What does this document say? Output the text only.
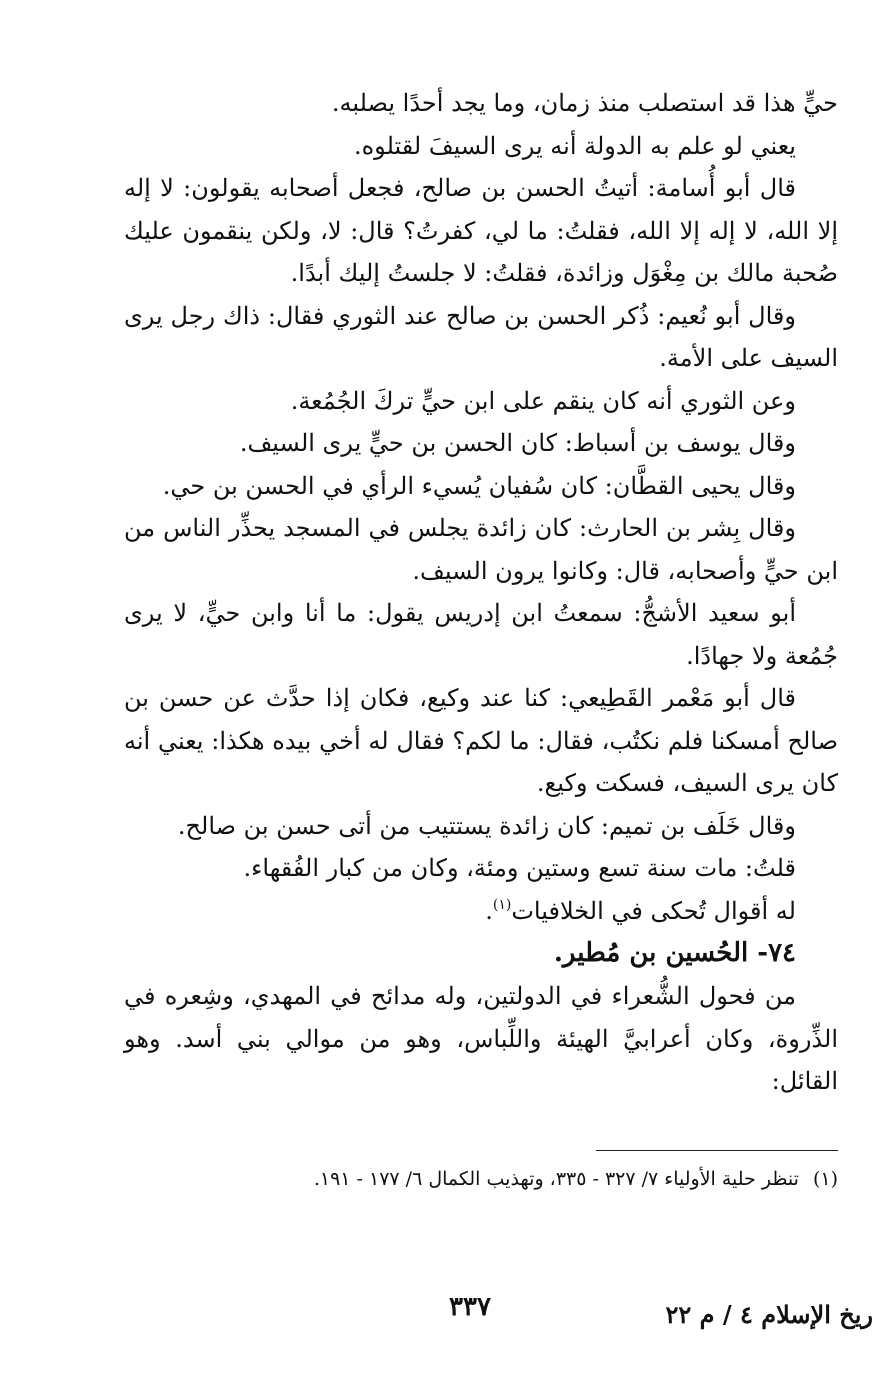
حيٍّ هذا قد استصلب منذ زمان، وما يجد أحدًا يصلبه.

يعني لو علم به الدولة أنه يرى السيفَ لقتلوه.

قال أبو أُسامة: أتيتُ الحسن بن صالح، فجعل أصحابه يقولون: لا إله إلا الله، لا إله إلا الله، فقلتُ: ما لي، كفرتُ؟ قال: لا، ولكن ينقمون عليك صُحبة مالك بن مِغْوَل وزائدة، فقلتُ: لا جلستُ إليك أبدًا.

وقال أبو نُعيم: ذُكر الحسن بن صالح عند الثوري فقال: ذاك رجل يرى السيف على الأمة.

وعن الثوري أنه كان ينقم على ابن حيٍّ تركَ الجُمُعة.

وقال يوسف بن أسباط: كان الحسن بن حيٍّ يرى السيف.

وقال يحيى القطَّان: كان سُفيان يُسيء الرأي في الحسن بن حي.

وقال بِشر بن الحارث: كان زائدة يجلس في المسجد يحذِّر الناس من ابن حيٍّ وأصحابه، قال: وكانوا يرون السيف.

أبو سعيد الأشجُّ: سمعتُ ابن إدريس يقول: ما أنا وابن حيٍّ، لا يرى جُمُعة ولا جهادًا.

قال أبو مَعْمر القَطِيعي: كنا عند وكيع، فكان إذا حدَّث عن حسن بن صالح أمسكنا فلم نكتُب، فقال: ما لكم؟ فقال له أخي بيده هكذا: يعني أنه كان يرى السيف، فسكت وكيع.

وقال خَلَف بن تميم: كان زائدة يستتيب من أتى حسن بن صالح.

قلتُ: مات سنة تسع وستين ومئة، وكان من كبار الفُقهاء.

له أقوال تُحكى في الخلافيات$^{(١)}$.

٧٤- الحُسين بن مُطير.

من فحول الشُّعراء في الدولتين، وله مدائح في المهدي، وشِعره في الذِّروة، وكان أعرابيَّ الهيئة واللِّباس، وهو من موالي بني أسد. وهو القائل:

(١)تنظر حلية الأولياء ٧/ ٣٢٧ - ٣٣٥، وتهذيب الكمال ٦/ ١٧٧ - ١٩١.
٣٣٧	ريخ الإسلام ٤ / م ٢٢
